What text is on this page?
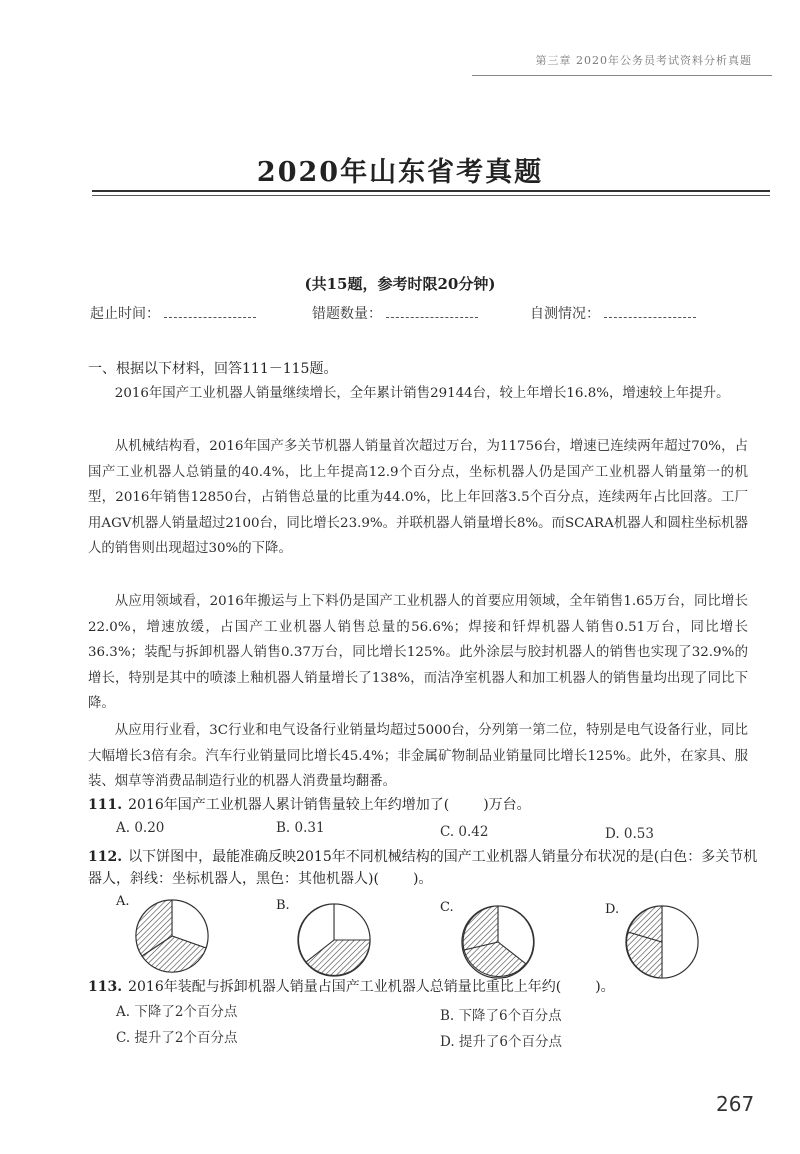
第三章 2020年公务员考试资料分析真题
2020年山东省考真题
(共15题，参考时限20分钟)
起止时间：	错题数量：	自测情况：
一、根据以下材料，回答111－115题。
2016年国产工业机器人销量继续增长，全年累计销售29144台，较上年增长16.8%，增速较上年提升。
从机械结构看，2016年国产多关节机器人销量首次超过万台，为11756台，增速已连续两年超过70%，占国产工业机器人总销量的40.4%，比上年提高12.9个百分点，坐标机器人仍是国产工业机器人销量第一的机型，2016年销售12850台，占销售总量的比重为44.0%，比上年回落3.5个百分点，连续两年占比回落。工厂用AGV机器人销量超过2100台，同比增长23.9%。并联机器人销量增长8%。而SCARA机器人和圆柱坐标机器人的销售则出现超过30%的下降。
从应用领域看，2016年搬运与上下料仍是国产工业机器人的首要应用领域，全年销售1.65万台，同比增长22.0%，增速放缓，占国产工业机器人销售总量的56.6%；焊接和钎焊机器人销售0.51万台，同比增长36.3%；装配与拆卸机器人销售0.37万台，同比增长125%。此外涂层与胶封机器人的销售也实现了32.9%的增长，特别是其中的喷漆上釉机器人销量增长了138%，而洁净室机器人和加工机器人的销售量均出现了同比下降。
从应用行业看，3C行业和电气设备行业销量均超过5000台，分列第一第二位，特别是电气设备行业，同比大幅增长3倍有余。汽车行业销量同比增长45.4%；非金属矿物制品业销量同比增长125%。此外，在家具、服装、烟草等消费品制造行业的机器人消费量均翻番。
111. 2016年国产工业机器人累计销售量较上年约增加了( )万台。
A. 0.20	B. 0.31	C. 0.42	D. 0.53
112. 以下饼图中，最能准确反映2015年不同机械结构的国产工业机器人销量分布状况的是(白色：多关节机器人，斜线：坐标机器人，黑色：其他机器人)( )。
A.	B.	C.	D.
113. 2016年装配与拆卸机器人销量占国产工业机器人总销量比重比上年约( )。
A. 下降了2个百分点	B. 下降了6个百分点
C. 提升了2个百分点	D. 提升了6个百分点
267
